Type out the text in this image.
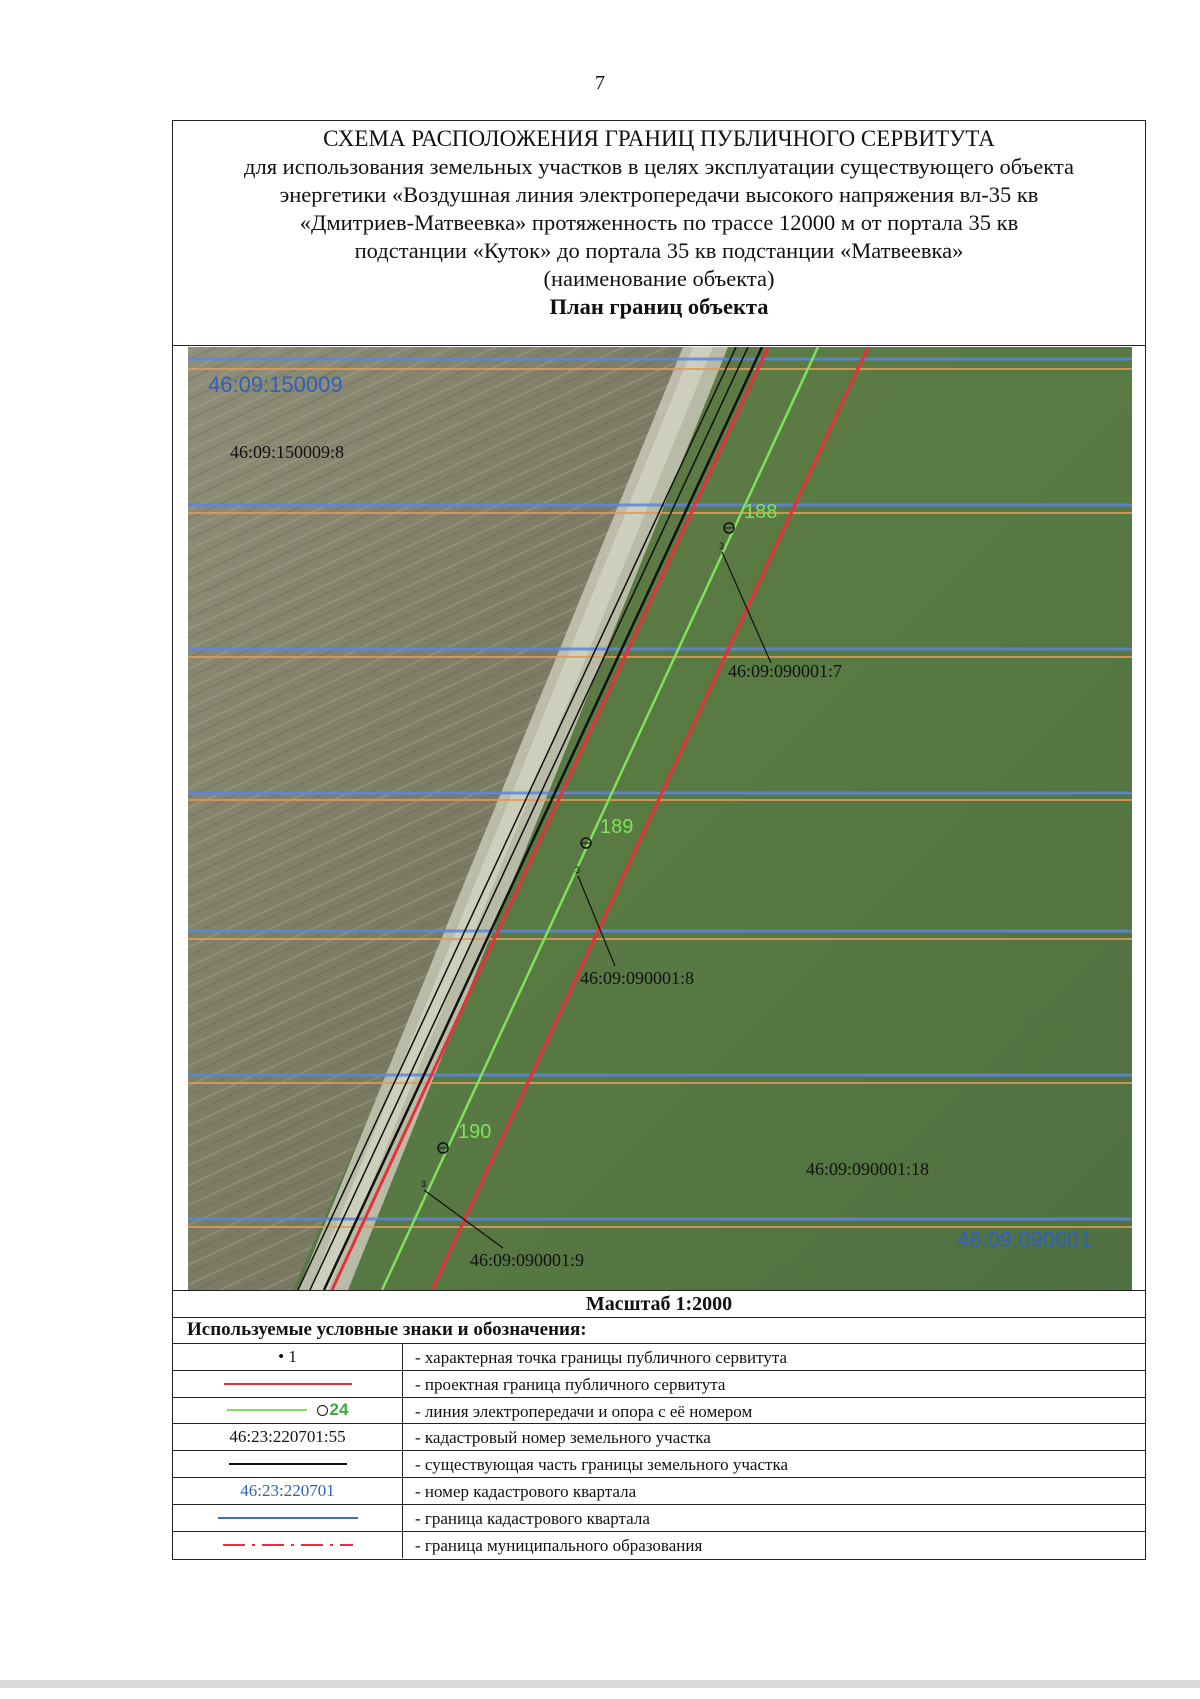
7
СХЕМА РАСПОЛОЖЕНИЯ ГРАНИЦ ПУБЛИЧНОГО СЕРВИТУТА
для использования земельных участков в целях эксплуатации существующего объекта
энергетики «Воздушная линия электропередачи высокого напряжения вл-35 кв
«Дмитриев-Матвеевка» протяженность по трассе 12000 м от портала 35 кв
подстанции «Куток» до портала 35 кв подстанции «Матвеевка»
(наименование объекта)
План границ объекта
188
189
190
3
3
3
46:09:150009
46:09:090001
46:09:150009:8
46:09:090001:7
46:09:090001:8
46:09:090001:18
46:09:090001:9
Масштаб 1:2000
Используемые условные знаки и обозначения:
• 1	- характерная точка границы публичного сервитута
- проектная граница публичного сервитута
24	- линия электропередачи и опора с её номером
46:23:220701:55	- кадастровый номер земельного участка
- существующая часть границы земельного участка
46:23:220701	- номер кадастрового квартала
- граница кадастрового квартала
- граница муниципального образования
